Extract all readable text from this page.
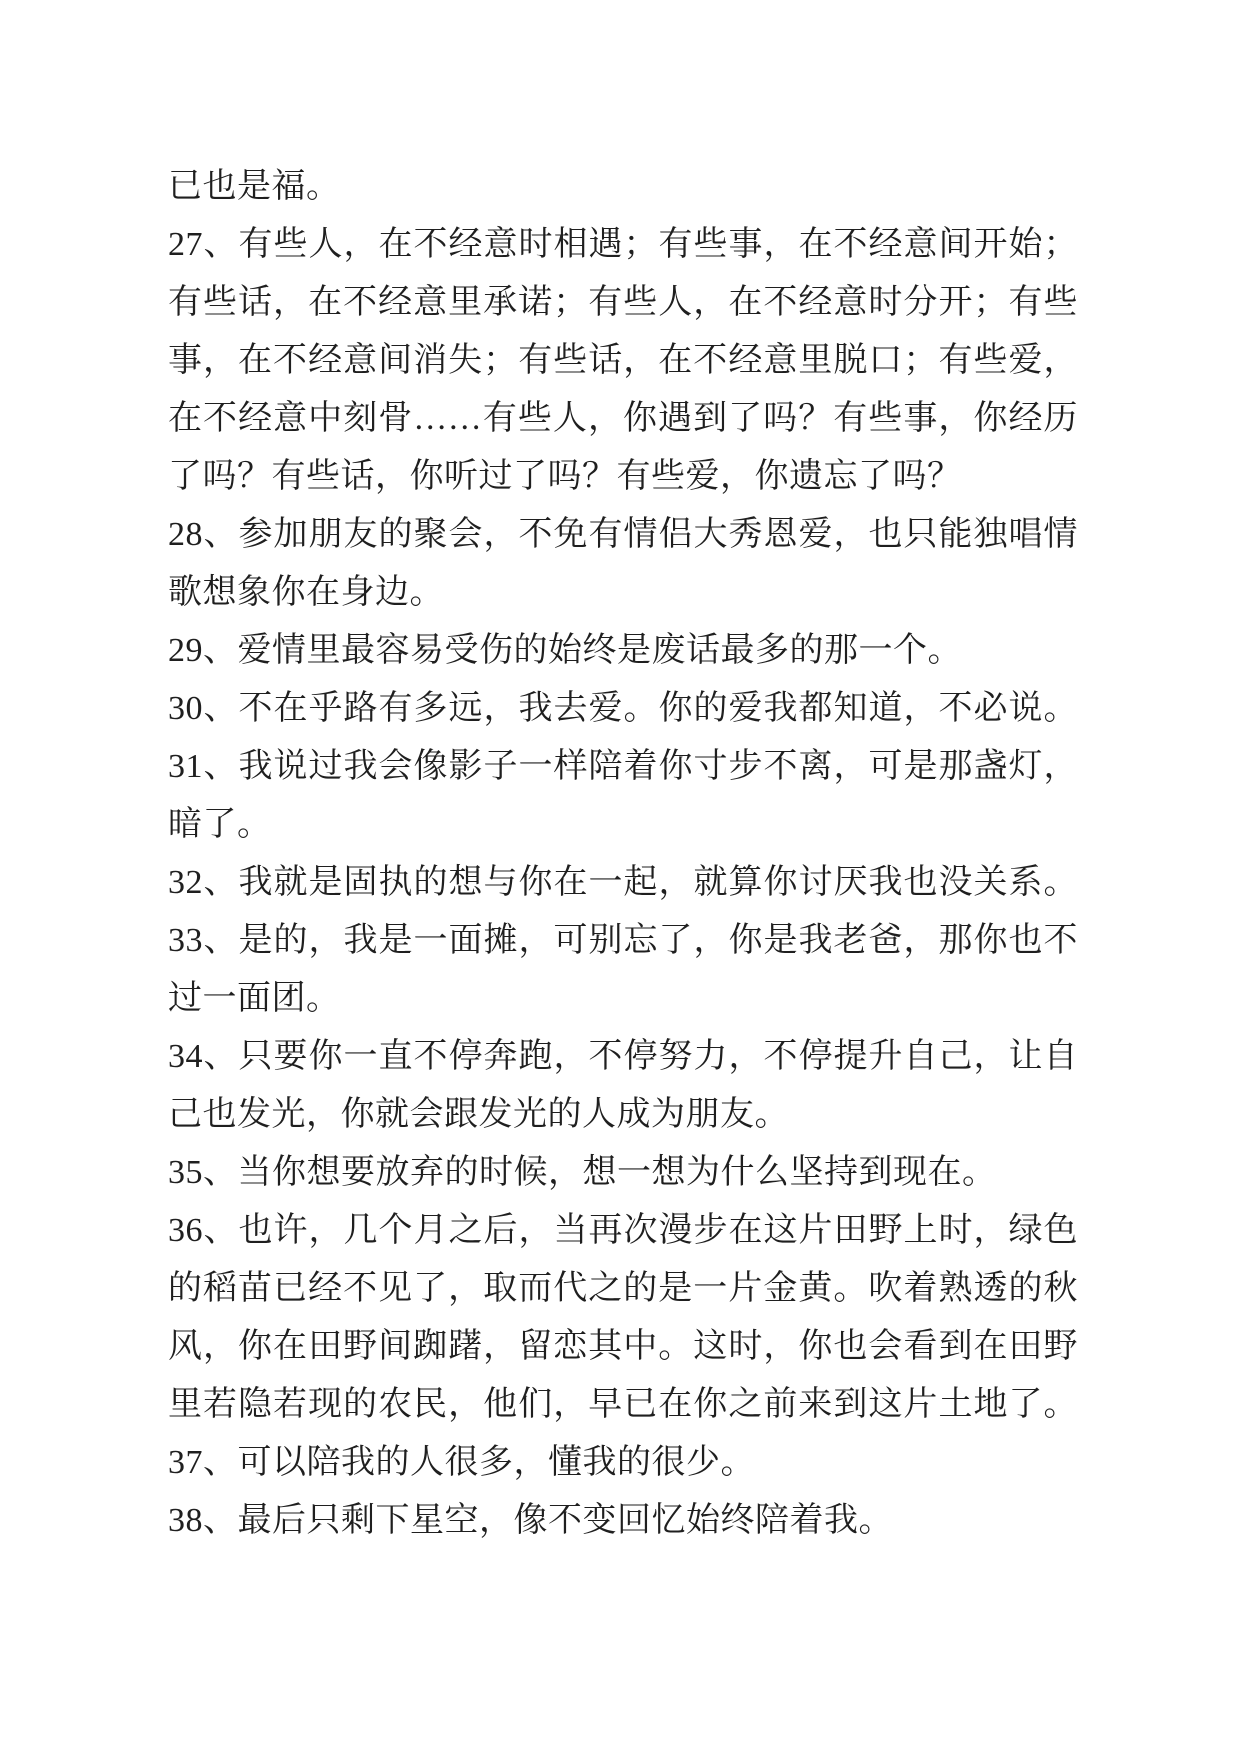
已也是福。
27、有些人，在不经意时相遇；有些事，在不经意间开始；
有些话，在不经意里承诺；有些人，在不经意时分开；有些
事，在不经意间消失；有些话，在不经意里脱口；有些爱，
在不经意中刻骨……有些人，你遇到了吗？有些事，你经历
了吗？有些话，你听过了吗？有些爱，你遗忘了吗？
28、参加朋友的聚会，不免有情侣大秀恩爱，也只能独唱情
歌想象你在身边。
29、爱情里最容易受伤的始终是废话最多的那一个。
30、不在乎路有多远，我去爱。你的爱我都知道，不必说。
31、我说过我会像影子一样陪着你寸步不离，可是那盏灯，
暗了。
32、我就是固执的想与你在一起，就算你讨厌我也没关系。
33、是的，我是一面摊，可别忘了，你是我老爸，那你也不
过一面团。
34、只要你一直不停奔跑，不停努力，不停提升自己，让自
己也发光，你就会跟发光的人成为朋友。
35、当你想要放弃的时候，想一想为什么坚持到现在。
36、也许，几个月之后，当再次漫步在这片田野上时，绿色
的稻苗已经不见了，取而代之的是一片金黄。吹着熟透的秋
风，你在田野间踟躇，留恋其中。这时，你也会看到在田野
里若隐若现的农民，他们，早已在你之前来到这片土地了。
37、可以陪我的人很多，懂我的很少。
38、最后只剩下星空，像不变回忆始终陪着我。
